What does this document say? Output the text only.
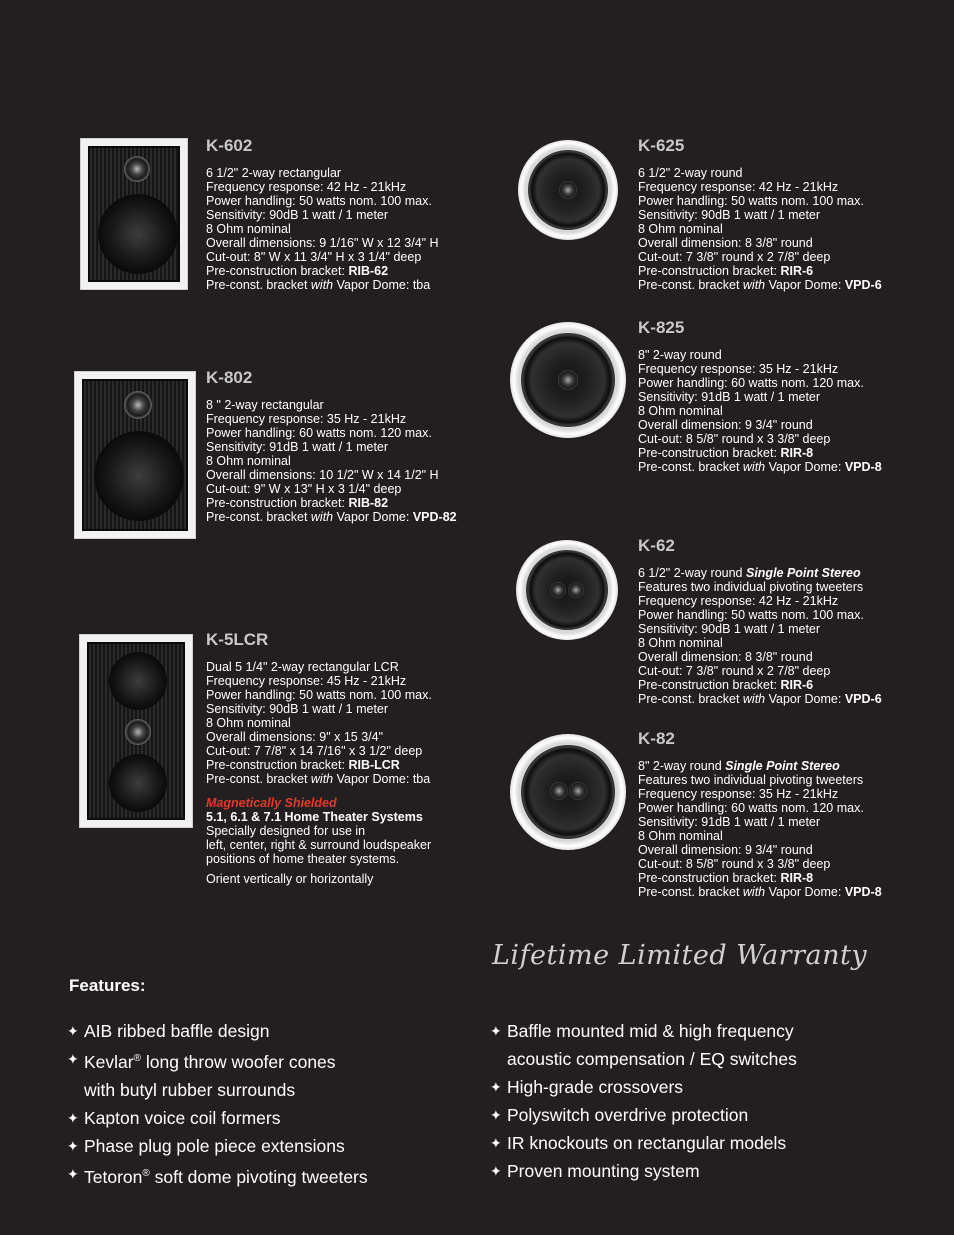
K-602
6 1/2" 2-way rectangular
Frequency response: 42 Hz - 21kHz
Power handling: 50 watts nom. 100 max.
Sensitivity: 90dB 1 watt / 1 meter
8 Ohm nominal
Overall dimensions: 9 1/16" W x 12 3/4" H
Cut-out: 8" W x 11 3/4" H x 3 1/4" deep
Pre-construction bracket: RIB-62
Pre-const. bracket with Vapor Dome: tba
K-802
8 " 2-way rectangular
Frequency response: 35 Hz - 21kHz
Power handling: 60 watts nom. 120 max.
Sensitivity: 91dB 1 watt / 1 meter
8 Ohm nominal
Overall dimensions: 10 1/2" W x 14 1/2" H
Cut-out: 9" W x 13" H x 3 1/4" deep
Pre-construction bracket: RIB-82
Pre-const. bracket with Vapor Dome: VPD-82
K-5LCR
Dual 5 1/4" 2-way rectangular LCR
Frequency response: 45 Hz - 21kHz
Power handling: 50 watts nom. 100 max.
Sensitivity: 90dB 1 watt / 1 meter
8 Ohm nominal
Overall dimensions: 9" x 15 3/4"
Cut-out: 7 7/8" x 14 7/16" x 3 1/2" deep
Pre-construction bracket: RIB-LCR
Pre-const. bracket with Vapor Dome: tba
Magnetically Shielded
5.1, 6.1 & 7.1 Home Theater Systems
Specially designed for use in
left, center, right & surround loudspeaker
positions of home theater systems.
Orient vertically or horizontally
K-625
6 1/2" 2-way round
Frequency response: 42 Hz - 21kHz
Power handling: 50 watts nom. 100 max.
Sensitivity: 90dB 1 watt / 1 meter
8 Ohm nominal
Overall dimension: 8 3/8" round
Cut-out: 7 3/8" round x 2 7/8" deep
Pre-construction bracket: RIR-6
Pre-const. bracket with Vapor Dome: VPD-6
K-825
8" 2-way round
Frequency response: 35 Hz - 21kHz
Power handling: 60 watts nom. 120 max.
Sensitivity: 91dB 1 watt / 1 meter
8 Ohm nominal
Overall dimension: 9 3/4" round
Cut-out: 8 5/8" round x 3 3/8" deep
Pre-construction bracket: RIR-8
Pre-const. bracket with Vapor Dome: VPD-8
K-62
6 1/2" 2-way round Single Point Stereo
Features two individual pivoting tweeters
Frequency response: 42 Hz - 21kHz
Power handling: 50 watts nom. 100 max.
Sensitivity: 90dB 1 watt / 1 meter
8 Ohm nominal
Overall dimension: 8 3/8" round
Cut-out: 7 3/8" round x 2 7/8" deep
Pre-construction bracket: RIR-6
Pre-const. bracket with Vapor Dome: VPD-6
K-82
8" 2-way round Single Point Stereo
Features two individual pivoting tweeters
Frequency response: 35 Hz - 21kHz
Power handling: 60 watts nom. 120 max.
Sensitivity: 91dB 1 watt / 1 meter
8 Ohm nominal
Overall dimension: 9 3/4" round
Cut-out: 8 5/8" round x 3 3/8" deep
Pre-construction bracket: RIR-8
Pre-const. bracket with Vapor Dome: VPD-8
Lifetime Limited Warranty
Features:
✦ AIB ribbed baffle design
✦ Kevlar® long throw woofer cones
with butyl rubber surrounds
✦ Kapton voice coil formers
✦ Phase plug pole piece extensions
✦ Tetoron® soft dome pivoting tweeters
✦ Baffle mounted mid & high frequency
acoustic compensation / EQ switches
✦ High-grade crossovers
✦ Polyswitch overdrive protection
✦ IR knockouts on rectangular models
✦ Proven mounting system
